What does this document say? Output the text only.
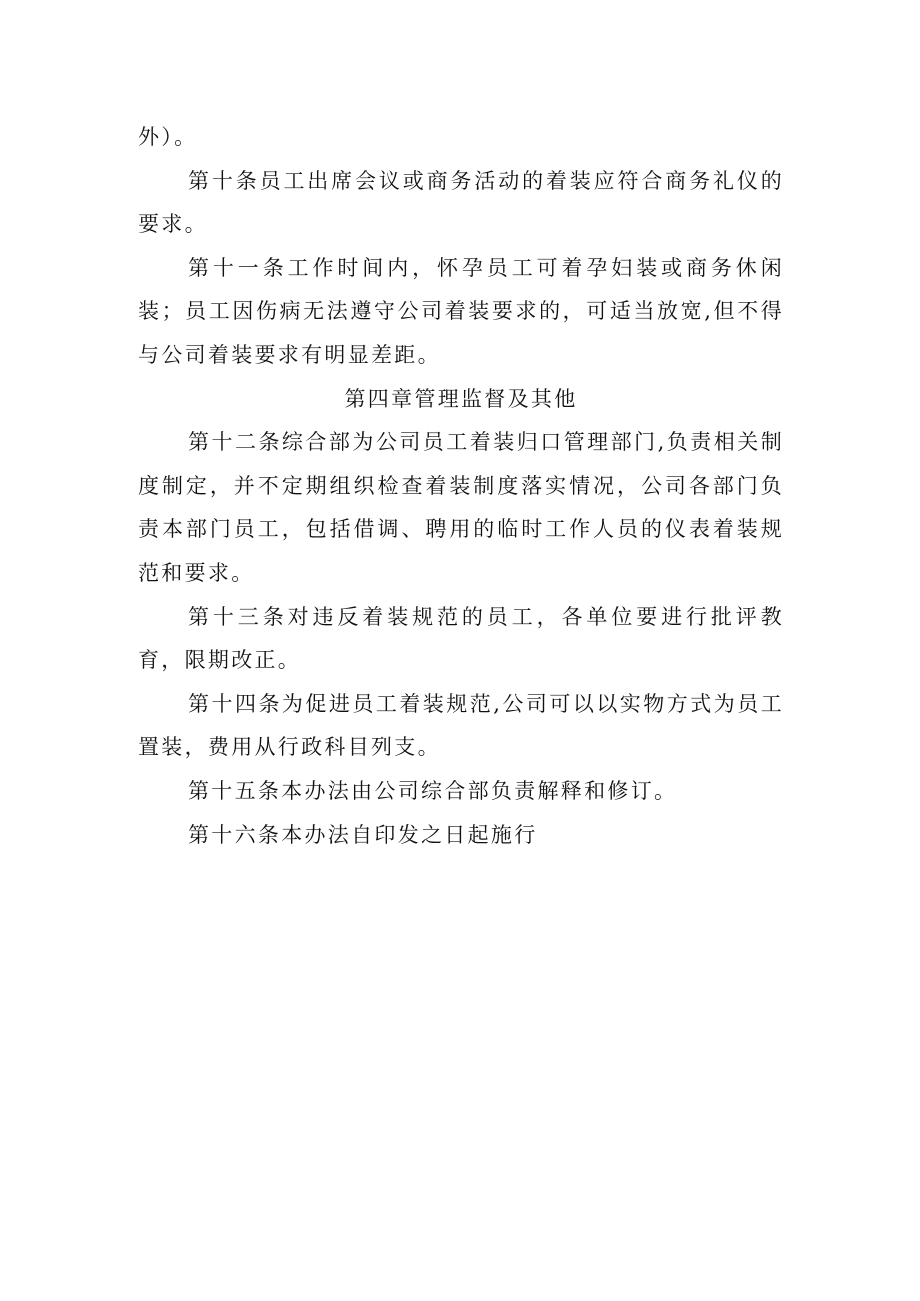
外）。

第十条员工出席会议或商务活动的着装应符合商务礼仪的要求。

第十一条工作时间内，怀孕员工可着孕妇装或商务休闲装；员工因伤病无法遵守公司着装要求的，可适当放宽,但不得与公司着装要求有明显差距。

第四章管理监督及其他

第十二条综合部为公司员工着装归口管理部门,负责相关制度制定，并不定期组织检查着装制度落实情况，公司各部门负责本部门员工，包括借调、聘用的临时工作人员的仪表着装规范和要求。

第十三条对违反着装规范的员工，各单位要进行批评教育，限期改正。

第十四条为促进员工着装规范,公司可以以实物方式为员工置装，费用从行政科目列支。

第十五条本办法由公司综合部负责解释和修订。

第十六条本办法自印发之日起施行
